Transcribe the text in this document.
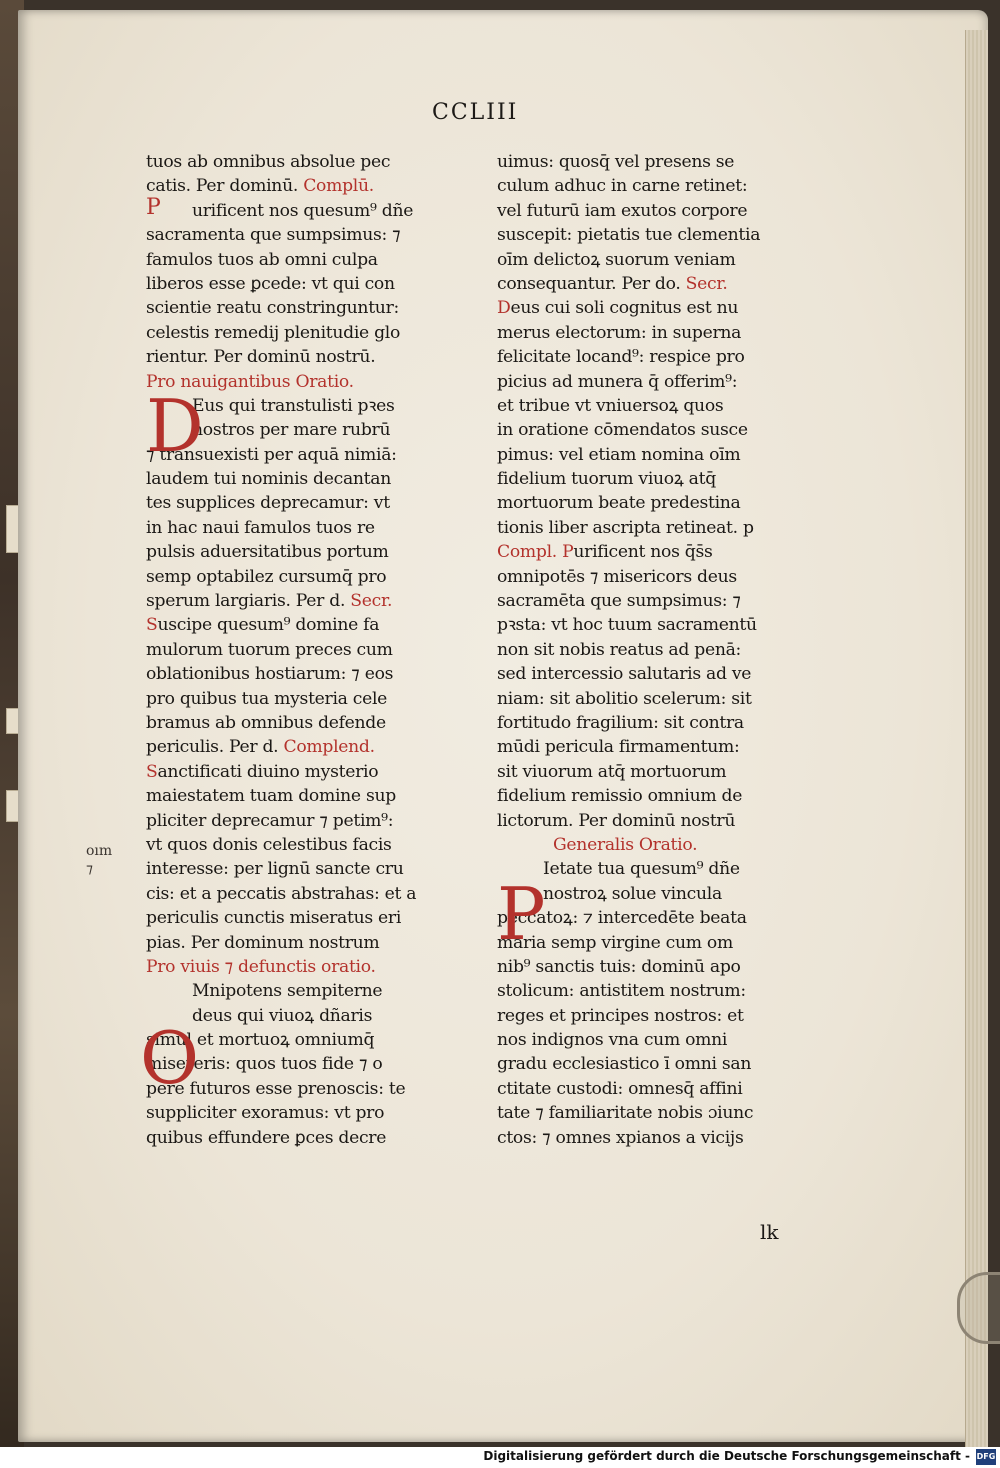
CCLIII
tuos ab omnibus absolue pec
catis. Per dominū. Complū.
urificent nos quesum⁹ dñe
sacramenta que sumpsimus: ⁊
famulos tuos ab omni culpa
liberos esse ꝑcede: vt qui con
scientie reatu constringuntur:
celestis remedij plenitudie glo
rientur. Per dominū nostrū.
Pro nauigantibus Oratio.
Eus qui transtulisti pꝛes
nostros per mare rubrū
⁊ transuexisti per aquā nimiā:
laudem tui nominis decantan
tes supplices deprecamur: vt
in hac naui famulos tuos re
pulsis aduersitatibus portum
semp optabilez cursumq̄ pro
sperum largiaris. Per d. Secr.
Suscipe quesum⁹ domine fa
mulorum tuorum preces cum
oblationibus hostiarum: ⁊ eos
pro quibus tua mysteria cele
bramus ab omnibus defende
periculis. Per d. Complend.
Sanctificati diuino mysterio
maiestatem tuam domine sup
pliciter deprecamur ⁊ petim⁹:
vt quos donis celestibus facis
interesse: per lignū sancte cru
cis: et a peccatis abstrahas: et a
periculis cunctis miseratus eri
pias. Per dominum nostrum
Pro viuis ⁊ defunctis oratio.
Mnipotens sempiterne
deus qui viuoꝝ dñaris
simul et mortuoꝝ omniumq̄
misereris: quos tuos fide ⁊ o
pere futuros esse prenoscis: te
suppliciter exoramus: vt pro
quibus effundere ꝑces decre
uimus: quosq̄ vel presens se
culum adhuc in carne retinet:
vel futurū iam exutos corpore
suscepit: pietatis tue clementia
oīm delictoꝝ suorum veniam
consequantur. Per do. Secr.
Deus cui soli cognitus est nu
merus electorum: in superna
felicitate locand⁹: respice pro
picius ad munera q̄ offerim⁹:
et tribue vt vniuersoꝝ quos
in oratione cōmendatos susce
pimus: vel etiam nomina oīm
fidelium tuorum viuoꝝ atq̄
mortuorum beate predestina
tionis liber ascripta retineat. p
Compl. Purificent nos q̄s̄s
omnipotēs ⁊ misericors deus
sacramēta que sumpsimus: ⁊
pꝛsta: vt hoc tuum sacramentū
non sit nobis reatus ad penā:
sed intercessio salutaris ad ve
niam: sit abolitio scelerum: sit
fortitudo fragilium: sit contra
mūdi pericula firmamentum:
sit viuorum atq̄ mortuorum
fidelium remissio omnium de
lictorum. Per dominū nostrū
Generalis Oratio.
Ietate tua quesum⁹ dñe
nostroꝝ solue vincula
peccatoꝝ: ⁊ intercedēte beata
maria semp virgine cum om
nib⁹ sanctis tuis: dominū apo
stolicum: antistitem nostrum:
reges et principes nostros: et
nos indignos vna cum omni
gradu ecclesiastico ī omni san
ctitate custodi: omnesq̄ affini
tate ⁊ familiaritate nobis ɔiunc
ctos: ⁊ omnes xpianos a vicijs
D
O
P
P
oım
⁊
lk
Digitalisierung gefördert durch die Deutsche Forschungsgemeinschaft - DFG
